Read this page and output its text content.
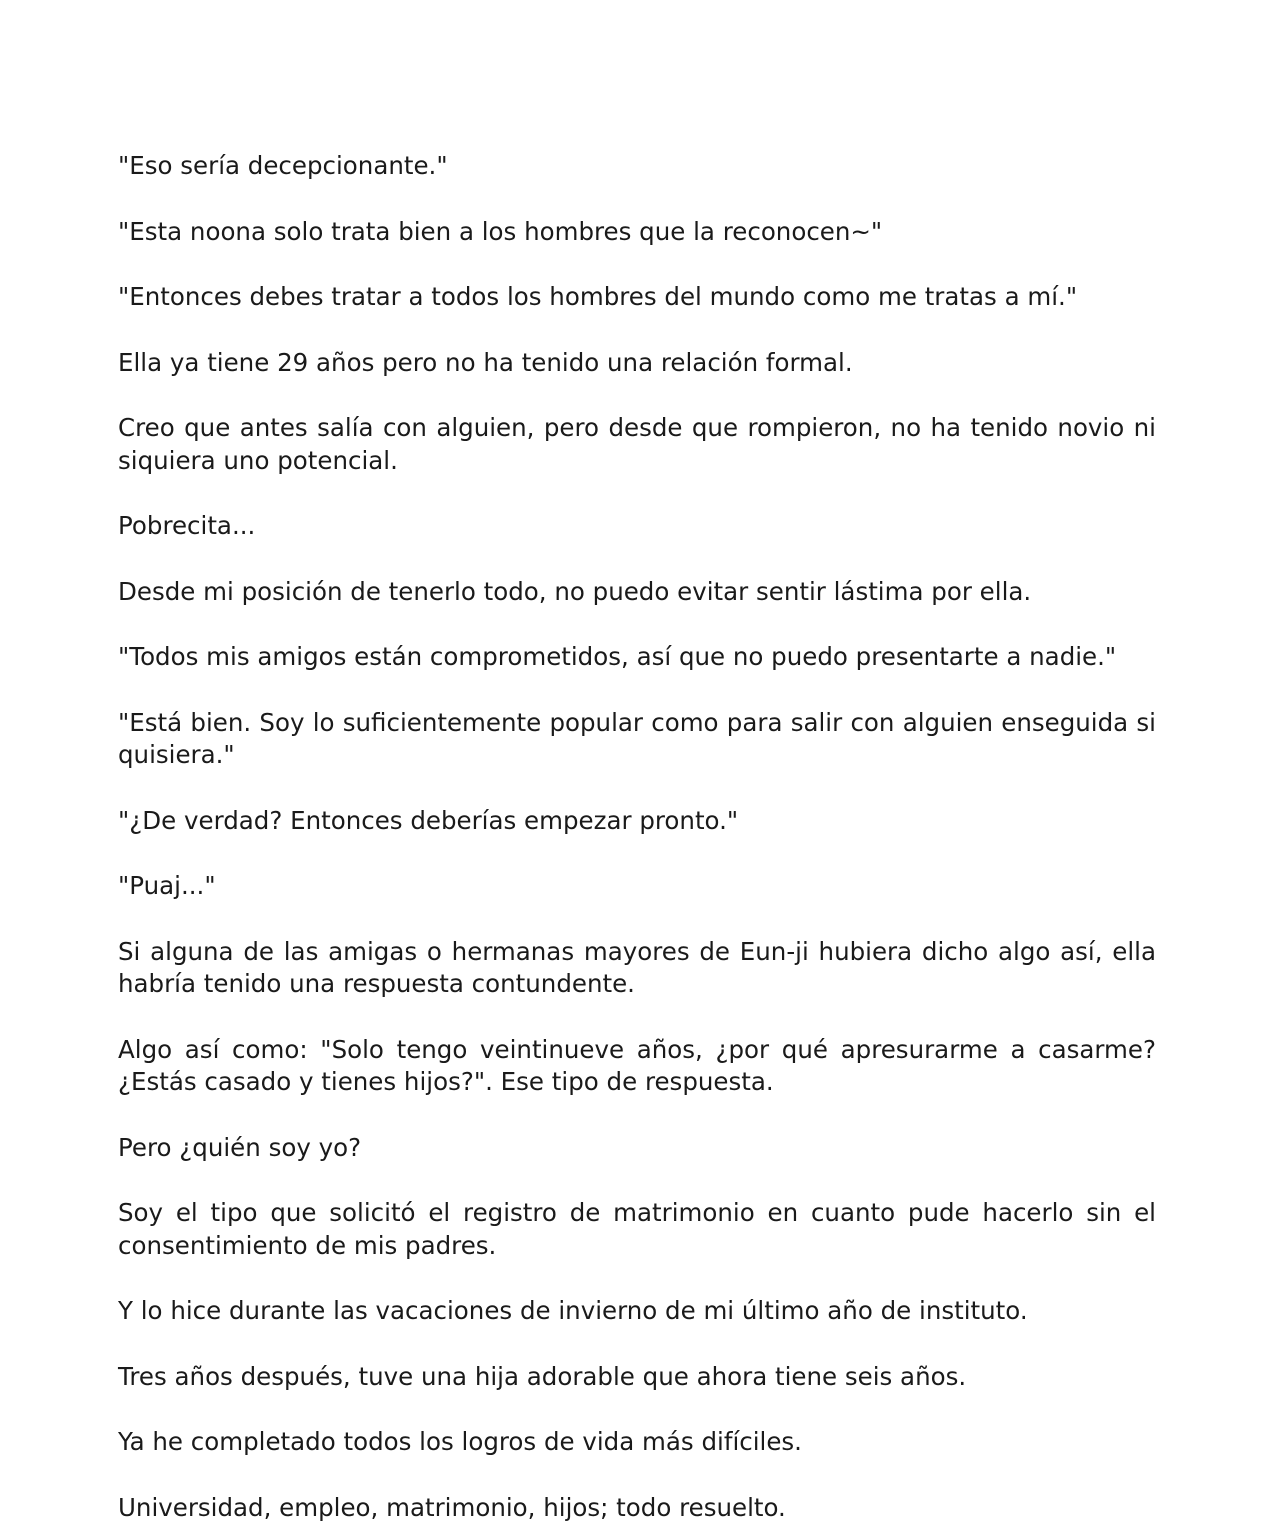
"Eso sería decepcionante."

"Esta noona solo trata bien a los hombres que la reconocen~"

"Entonces debes tratar a todos los hombres del mundo como me tratas a mí."

Ella ya tiene 29 años pero no ha tenido una relación formal.

Creo que antes salía con alguien, pero desde que rompieron, no ha tenido novio ni siquiera uno potencial.

Pobrecita...

Desde mi posición de tenerlo todo, no puedo evitar sentir lástima por ella.

"Todos mis amigos están comprometidos, así que no puedo presentarte a nadie."

"Está bien. Soy lo suficientemente popular como para salir con alguien enseguida si quisiera."

"¿De verdad? Entonces deberías empezar pronto."

"Puaj..."

Si alguna de las amigas o hermanas mayores de Eun-ji hubiera dicho algo así, ella habría tenido una respuesta contundente.

Algo así como: "Solo tengo veintinueve años, ¿por qué apresurarme a casarme? ¿Estás casado y tienes hijos?". Ese tipo de respuesta.

Pero ¿quién soy yo?

Soy el tipo que solicitó el registro de matrimonio en cuanto pude hacerlo sin el consentimiento de mis padres.

Y lo hice durante las vacaciones de invierno de mi último año de instituto.

Tres años después, tuve una hija adorable que ahora tiene seis años.

Ya he completado todos los logros de vida más difíciles.

Universidad, empleo, matrimonio, hijos; todo resuelto.
